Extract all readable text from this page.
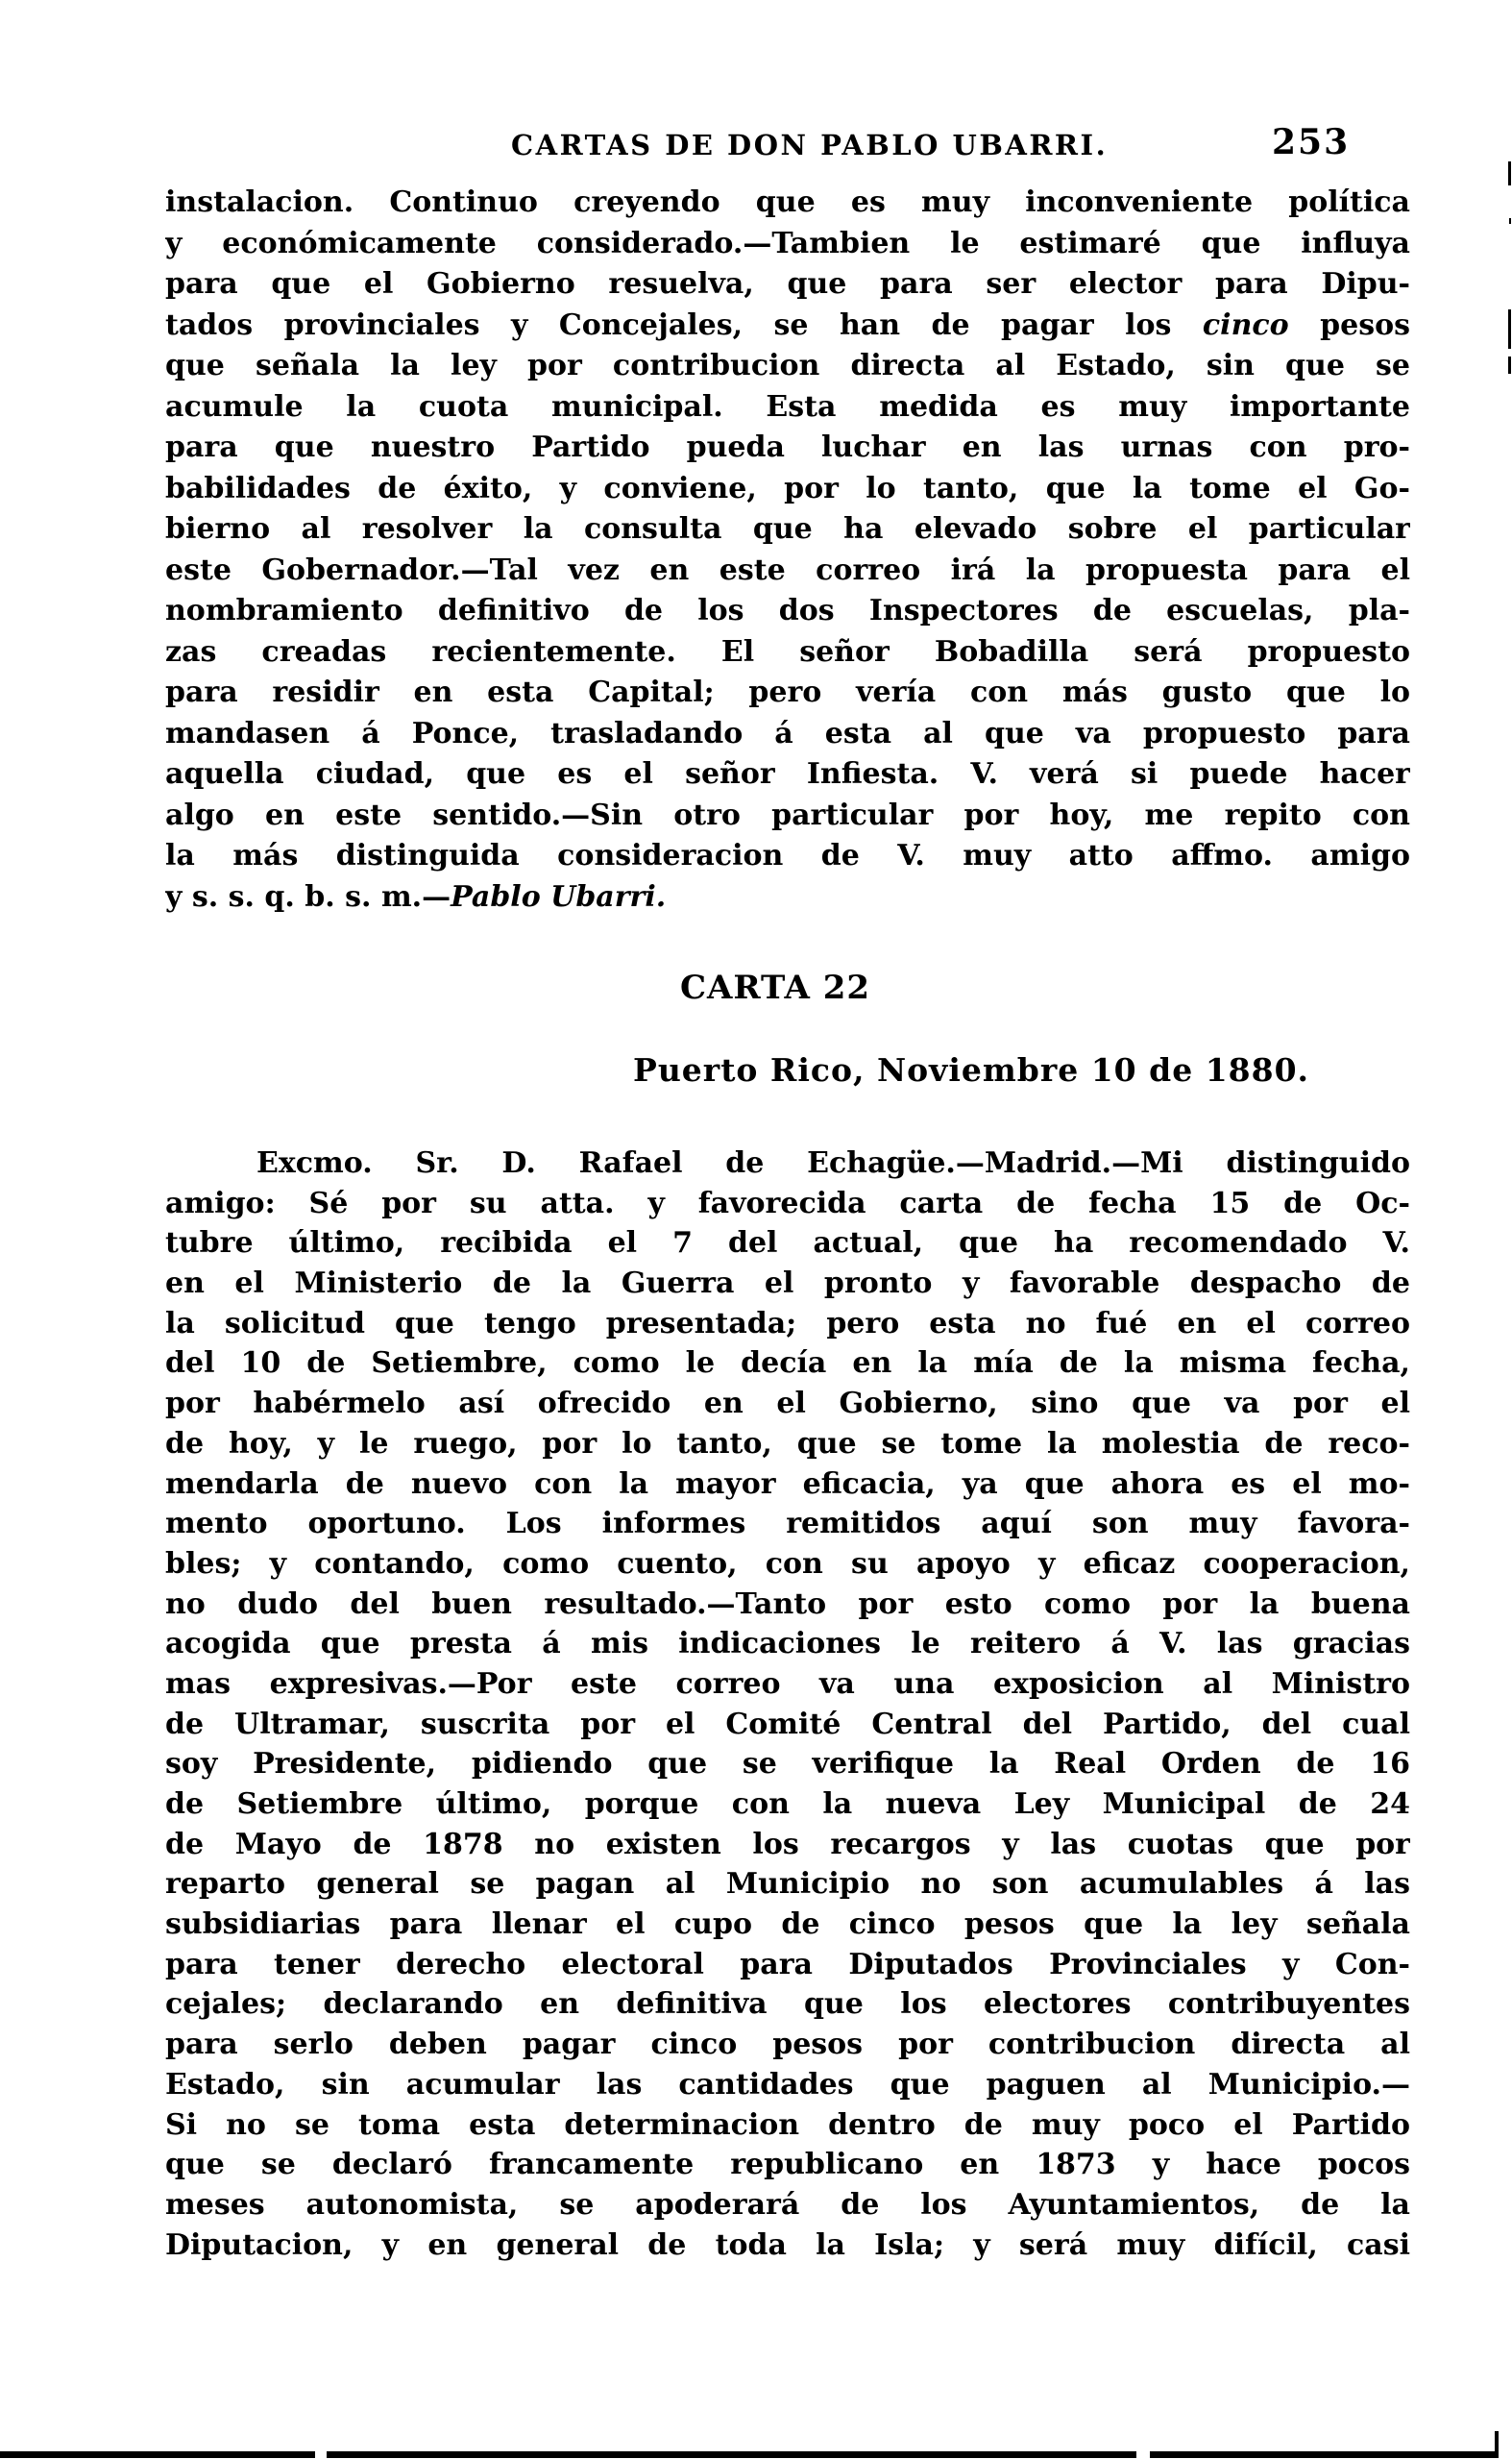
CARTAS DE DON PABLO UBARRI.	253
instalacion. Continuo creyendo que es muy inconveniente política
y económicamente considerado.—Tambien le estimaré que influya
para que el Gobierno resuelva, que para ser elector para Dipu-
tados provinciales y Concejales, se han de pagar los cinco pesos
que señala la ley por contribucion directa al Estado, sin que se
acumule la cuota municipal. Esta medida es muy importante
para que nuestro Partido pueda luchar en las urnas con pro-
babilidades de éxito, y conviene, por lo tanto, que la tome el Go-
bierno al resolver la consulta que ha elevado sobre el particular
este Gobernador.—Tal vez en este correo irá la propuesta para el
nombramiento definitivo de los dos Inspectores de escuelas, pla-
zas creadas recientemente. El señor Bobadilla será propuesto
para residir en esta Capital; pero vería con más gusto que lo
mandasen á Ponce, trasladando á esta al que va propuesto para
aquella ciudad, que es el señor Infiesta. V. verá si puede hacer
algo en este sentido.—Sin otro particular por hoy, me repito con
la más distinguida consideracion de V. muy atto affmo. amigo
y s. s. q. b. s. m.—Pablo Ubarri.
CARTA 22
Puerto Rico, Noviembre 10 de 1880.
Excmo. Sr. D. Rafael de Echagüe.—Madrid.—Mi distinguido
amigo: Sé por su atta. y favorecida carta de fecha 15 de Oc-
tubre último, recibida el 7 del actual, que ha recomendado V.
en el Ministerio de la Guerra el pronto y favorable despacho de
la solicitud que tengo presentada; pero esta no fué en el correo
del 10 de Setiembre, como le decía en la mía de la misma fecha,
por habérmelo así ofrecido en el Gobierno, sino que va por el
de hoy, y le ruego, por lo tanto, que se tome la molestia de reco-
mendarla de nuevo con la mayor eficacia, ya que ahora es el mo-
mento oportuno. Los informes remitidos aquí son muy favora-
bles; y contando, como cuento, con su apoyo y eficaz cooperacion,
no dudo del buen resultado.—Tanto por esto como por la buena
acogida que presta á mis indicaciones le reitero á V. las gracias
mas expresivas.—Por este correo va una exposicion al Ministro
de Ultramar, suscrita por el Comité Central del Partido, del cual
soy Presidente, pidiendo que se verifique la Real Orden de 16
de Setiembre último, porque con la nueva Ley Municipal de 24
de Mayo de 1878 no existen los recargos y las cuotas que por
reparto general se pagan al Municipio no son acumulables á las
subsidiarias para llenar el cupo de cinco pesos que la ley señala
para tener derecho electoral para Diputados Provinciales y Con-
cejales; declarando en definitiva que los electores contribuyentes
para serlo deben pagar cinco pesos por contribucion directa al
Estado, sin acumular las cantidades que paguen al Municipio.—
Si no se toma esta determinacion dentro de muy poco el Partido
que se declaró francamente republicano en 1873 y hace pocos
meses autonomista, se apoderará de los Ayuntamientos, de la
Diputacion, y en general de toda la Isla; y será muy difícil, casi
